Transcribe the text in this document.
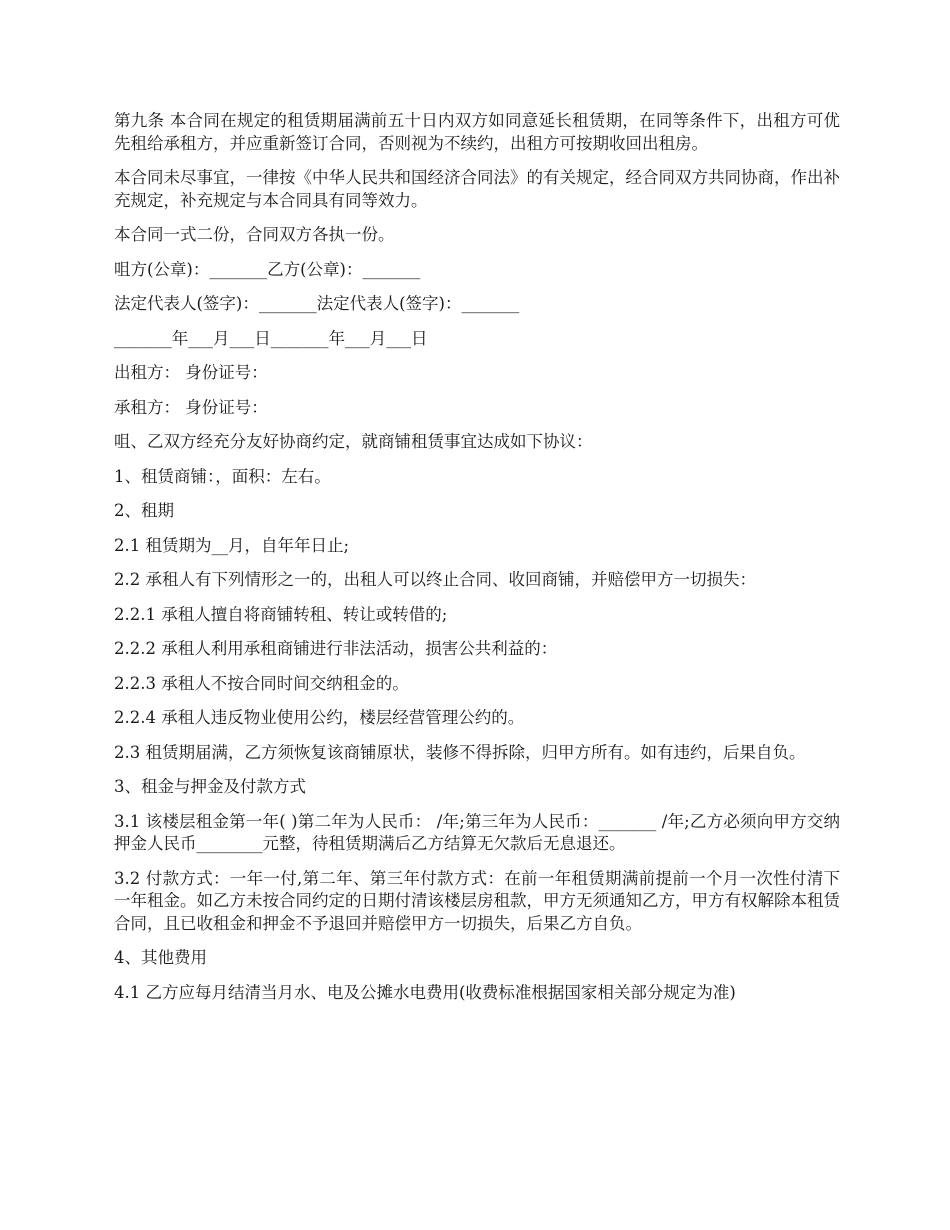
第九条 本合同在规定的租赁期届满前五十日内双方如同意延长租赁期，在同等条件下，出租方可优先租给承租方，并应重新签订合同，否则视为不续约，出租方可按期收回出租房。

本合同未尽事宜，一律按《中华人民共和国经济合同法》的有关规定，经合同双方共同协商，作出补充规定，补充规定与本合同具有同等效力。

本合同一式二份，合同双方各执一份。

咀方(公章)：_______乙方(公章)：_______

法定代表人(签字)：_______法定代表人(签字)：_______

_______年___月___日_______年___月___日

出租方： 身份证号：

承租方： 身份证号：

咀、乙双方经充分友好协商约定，就商铺租赁事宜达成如下协议：

1、租赁商铺：，面积：左右。

2、租期

2.1 租赁期为__月，自年年日止;

2.2 承租人有下列情形之一的，出租人可以终止合同、收回商铺，并赔偿甲方一切损失：

2.2.1 承租人擅自将商铺转租、转让或转借的;

2.2.2 承租人利用承租商铺进行非法活动，损害公共利益的：

2.2.3 承租人不按合同时间交纳租金的。

2.2.4 承租人违反物业使用公约，楼层经营管理公约的。

2.3 租赁期届满，乙方须恢复该商铺原状，装修不得拆除，归甲方所有。如有违约，后果自负。

3、租金与押金及付款方式

3.1 该楼层租金第一年( )第二年为人民币： /年;第三年为人民币：_______ /年;乙方必须向甲方交纳押金人民币________元整，待租赁期满后乙方结算无欠款后无息退还。

3.2 付款方式：一年一付,第二年、第三年付款方式：在前一年租赁期满前提前一个月一次性付清下一年租金。如乙方未按合同约定的日期付清该楼层房租款，甲方无须通知乙方，甲方有权解除本租赁合同，且已收租金和押金不予退回并赔偿甲方一切损失，后果乙方自负。

4、其他费用

4.1 乙方应每月结清当月水、电及公摊水电费用(收费标准根据国家相关部分规定为准)
